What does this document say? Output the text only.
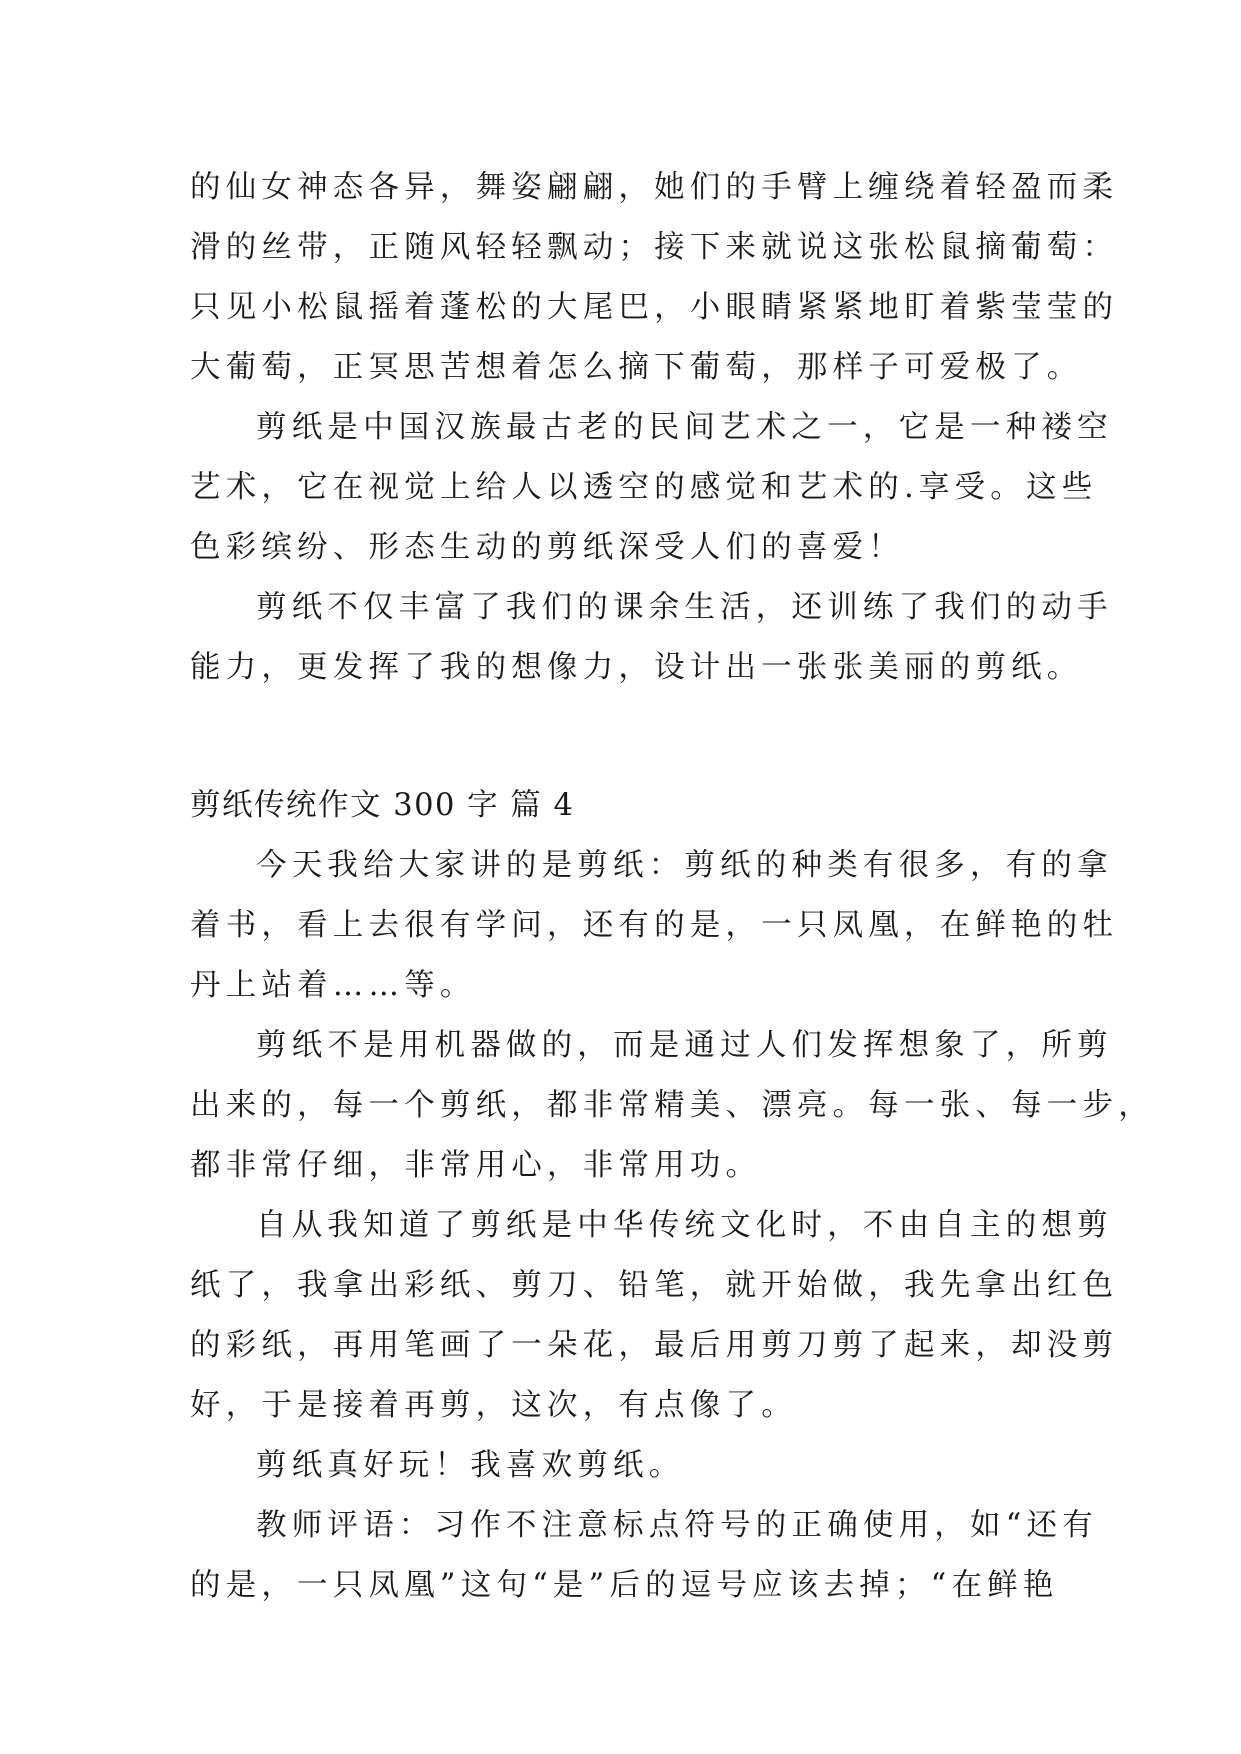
的仙女神态各异，舞姿翩翩，她们的手臂上缠绕着轻盈而柔
滑的丝带，正随风轻轻飘动；接下来就说这张松鼠摘葡萄：
只见小松鼠摇着蓬松的大尾巴，小眼睛紧紧地盯着紫莹莹的
大葡萄，正冥思苦想着怎么摘下葡萄，那样子可爱极了。
剪纸是中国汉族最古老的民间艺术之一，它是一种褛空
艺术，它在视觉上给人以透空的感觉和艺术的.享受。这些
色彩缤纷、形态生动的剪纸深受人们的喜爱！
剪纸不仅丰富了我们的课余生活，还训练了我们的动手
能力，更发挥了我的想像力，设计出一张张美丽的剪纸。
剪纸传统作文 300 字 篇 4
今天我给大家讲的是剪纸：剪纸的种类有很多，有的拿
着书，看上去很有学问，还有的是，一只凤凰，在鲜艳的牡
丹上站着……等。
剪纸不是用机器做的，而是通过人们发挥想象了，所剪
出来的，每一个剪纸，都非常精美、漂亮。每一张、每一步，
都非常仔细，非常用心，非常用功。
自从我知道了剪纸是中华传统文化时，不由自主的想剪
纸了，我拿出彩纸、剪刀、铅笔，就开始做，我先拿出红色
的彩纸，再用笔画了一朵花，最后用剪刀剪了起来，却没剪
好，于是接着再剪，这次，有点像了。
剪纸真好玩！我喜欢剪纸。
教师评语：习作不注意标点符号的正确使用，如“还有
的是，一只凤凰”这句“是”后的逗号应该去掉；“在鲜艳
